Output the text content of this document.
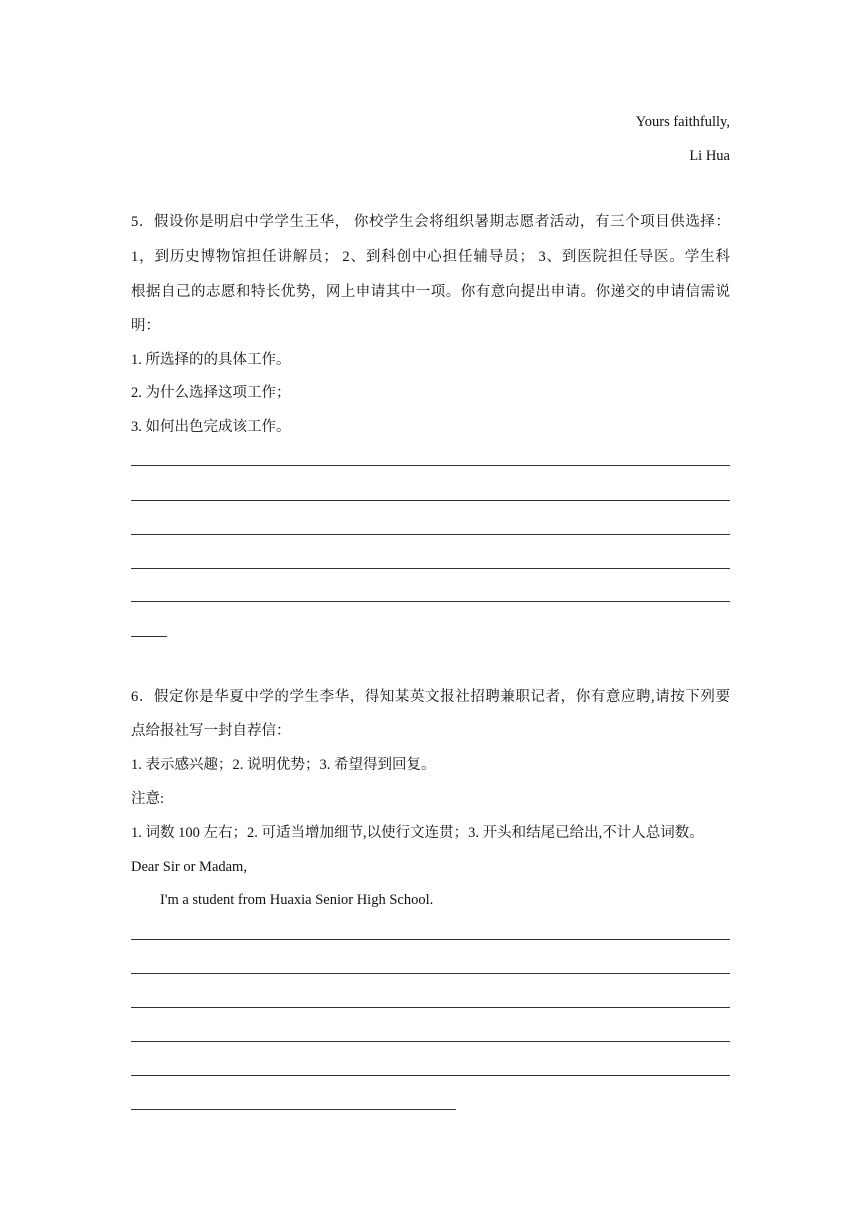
Yours faithfully,
Li Hua
5．假设你是明启中学学生王华， 你校学生会将组织暑期志愿者活动，有三个项目供选择：
1，到历史博物馆担任讲解员； 2、到科创中心担任辅导员； 3、到医院担任导医。学生科
根据自己的志愿和特长优势，网上申请其中一项。你有意向提出申请。你递交的申请信需说
明：
1. 所选择的的具体工作。
2. 为什么选择这项工作；
3. 如何出色完成该工作。
6．假定你是华夏中学的学生李华，得知某英文报社招聘兼职记者，你有意应聘,请按下列要
点给报社写一封自荐信：
1. 表示感兴趣；2. 说明优势；3. 希望得到回复。
注意:
1. 词数 100 左右；2. 可适当增加细节,以使行文连贯；3. 开头和结尾已给出,不计人总词数。
Dear Sir or Madam,
I'm a student from Huaxia Senior High School.
